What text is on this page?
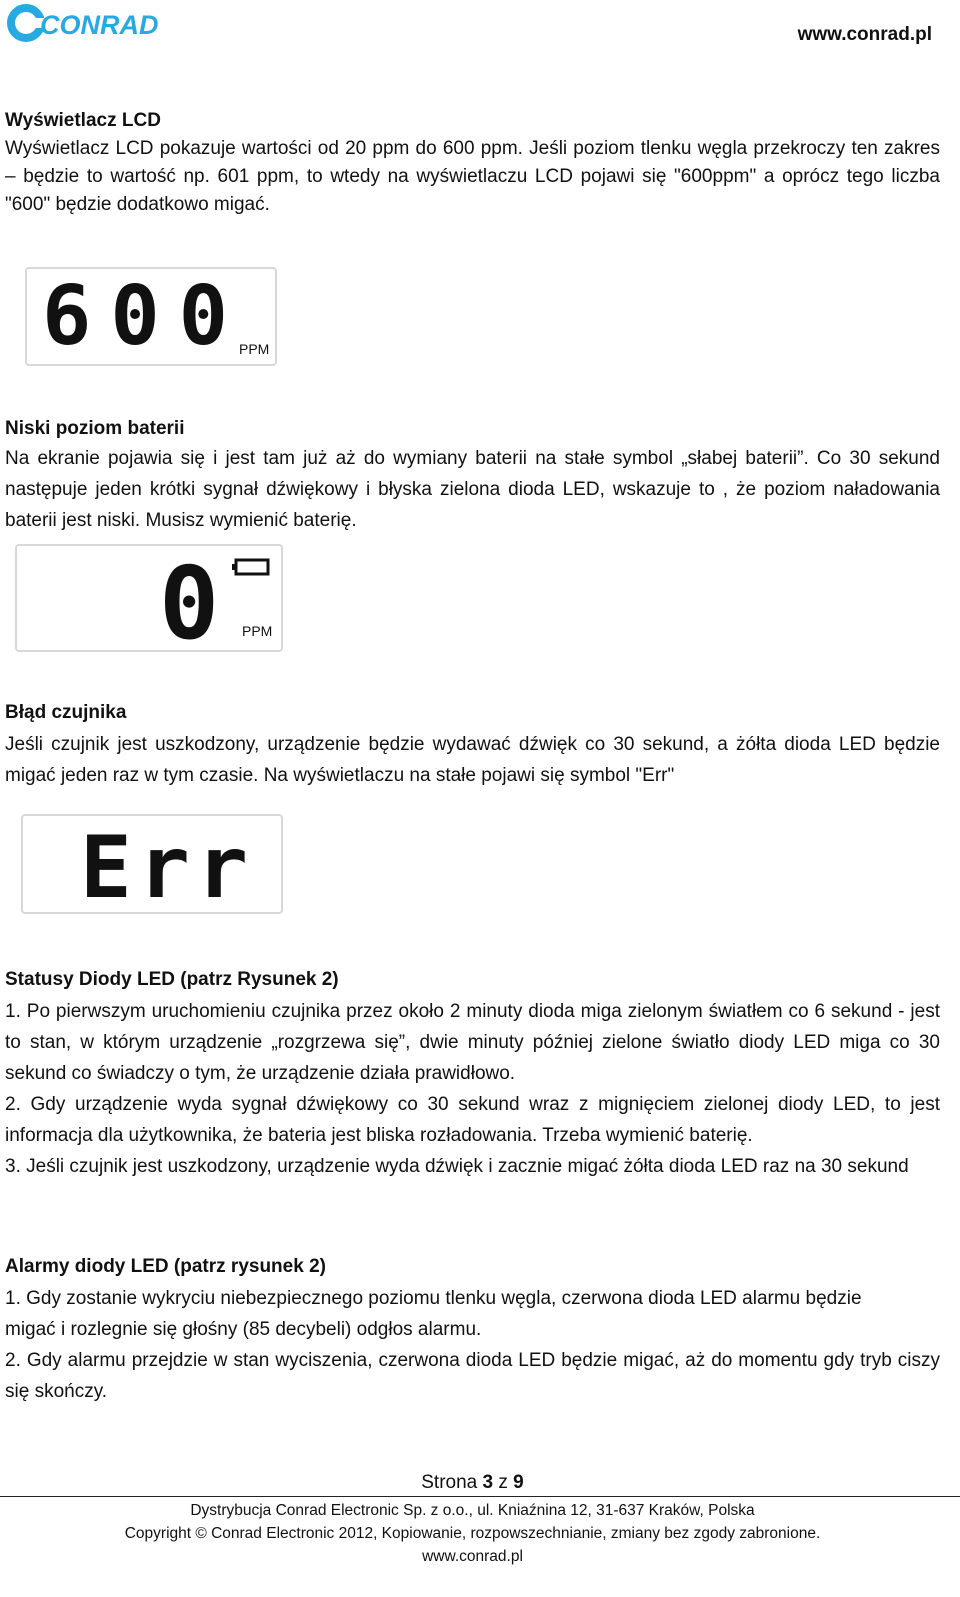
CONRAD	www.conrad.pl
Wyświetlacz LCD

Wyświetlacz LCD pokazuje wartości od 20 ppm do 600 ppm. Jeśli poziom tlenku węgla przekroczy ten zakres – będzie to wartość np. 601 ppm, to wtedy na wyświetlaczu LCD pojawi się "600ppm" a oprócz tego liczba "600" będzie dodatkowo migać.

600 PPM
Niski poziom baterii

Na ekranie pojawia się i jest tam już aż do wymiany baterii na stałe symbol „słabej baterii”. Co 30 sekund następuje jeden krótki sygnał dźwiękowy i błyska zielona dioda LED, wskazuje to , że poziom naładowania baterii jest niski. Musisz wymienić baterię.

0 PPM
Błąd czujnika

Jeśli czujnik jest uszkodzony, urządzenie będzie wydawać dźwięk co 30 sekund, a żółta dioda LED będzie migać jeden raz w tym czasie. Na wyświetlaczu na stałe pojawi się symbol "Err"

Err
Statusy Diody LED (patrz Rysunek 2)

1. Po pierwszym uruchomieniu czujnika przez około 2 minuty dioda miga zielonym światłem co 6 sekund - jest to stan, w którym urządzenie „rozgrzewa się”, dwie minuty później zielone światło diody LED miga co 30 sekund co świadczy o tym, że urządzenie działa prawidłowo.

2. Gdy urządzenie wyda sygnał dźwiękowy co 30 sekund wraz z mignięciem zielonej diody LED, to jest informacja dla użytkownika, że bateria jest bliska rozładowania. Trzeba wymienić baterię.

3. Jeśli czujnik jest uszkodzony, urządzenie wyda dźwięk i zacznie migać żółta dioda LED raz na 30 sekund

Alarmy diody LED (patrz rysunek 2)

1. Gdy zostanie wykryciu niebezpiecznego poziomu tlenku węgla, czerwona dioda LED alarmu będzie migać i rozlegnie się głośny (85 decybeli) odgłos alarmu.

2. Gdy alarmu przejdzie w stan wyciszenia, czerwona dioda LED będzie migać, aż do momentu gdy tryb ciszy się skończy.

Strona 3 z 9
Dystrybucja Conrad Electronic Sp. z o.o., ul. Kniaźnina 12, 31-637 Kraków, Polska
Copyright © Conrad Electronic 2012, Kopiowanie, rozpowszechnianie, zmiany bez zgody zabronione.
www.conrad.pl
